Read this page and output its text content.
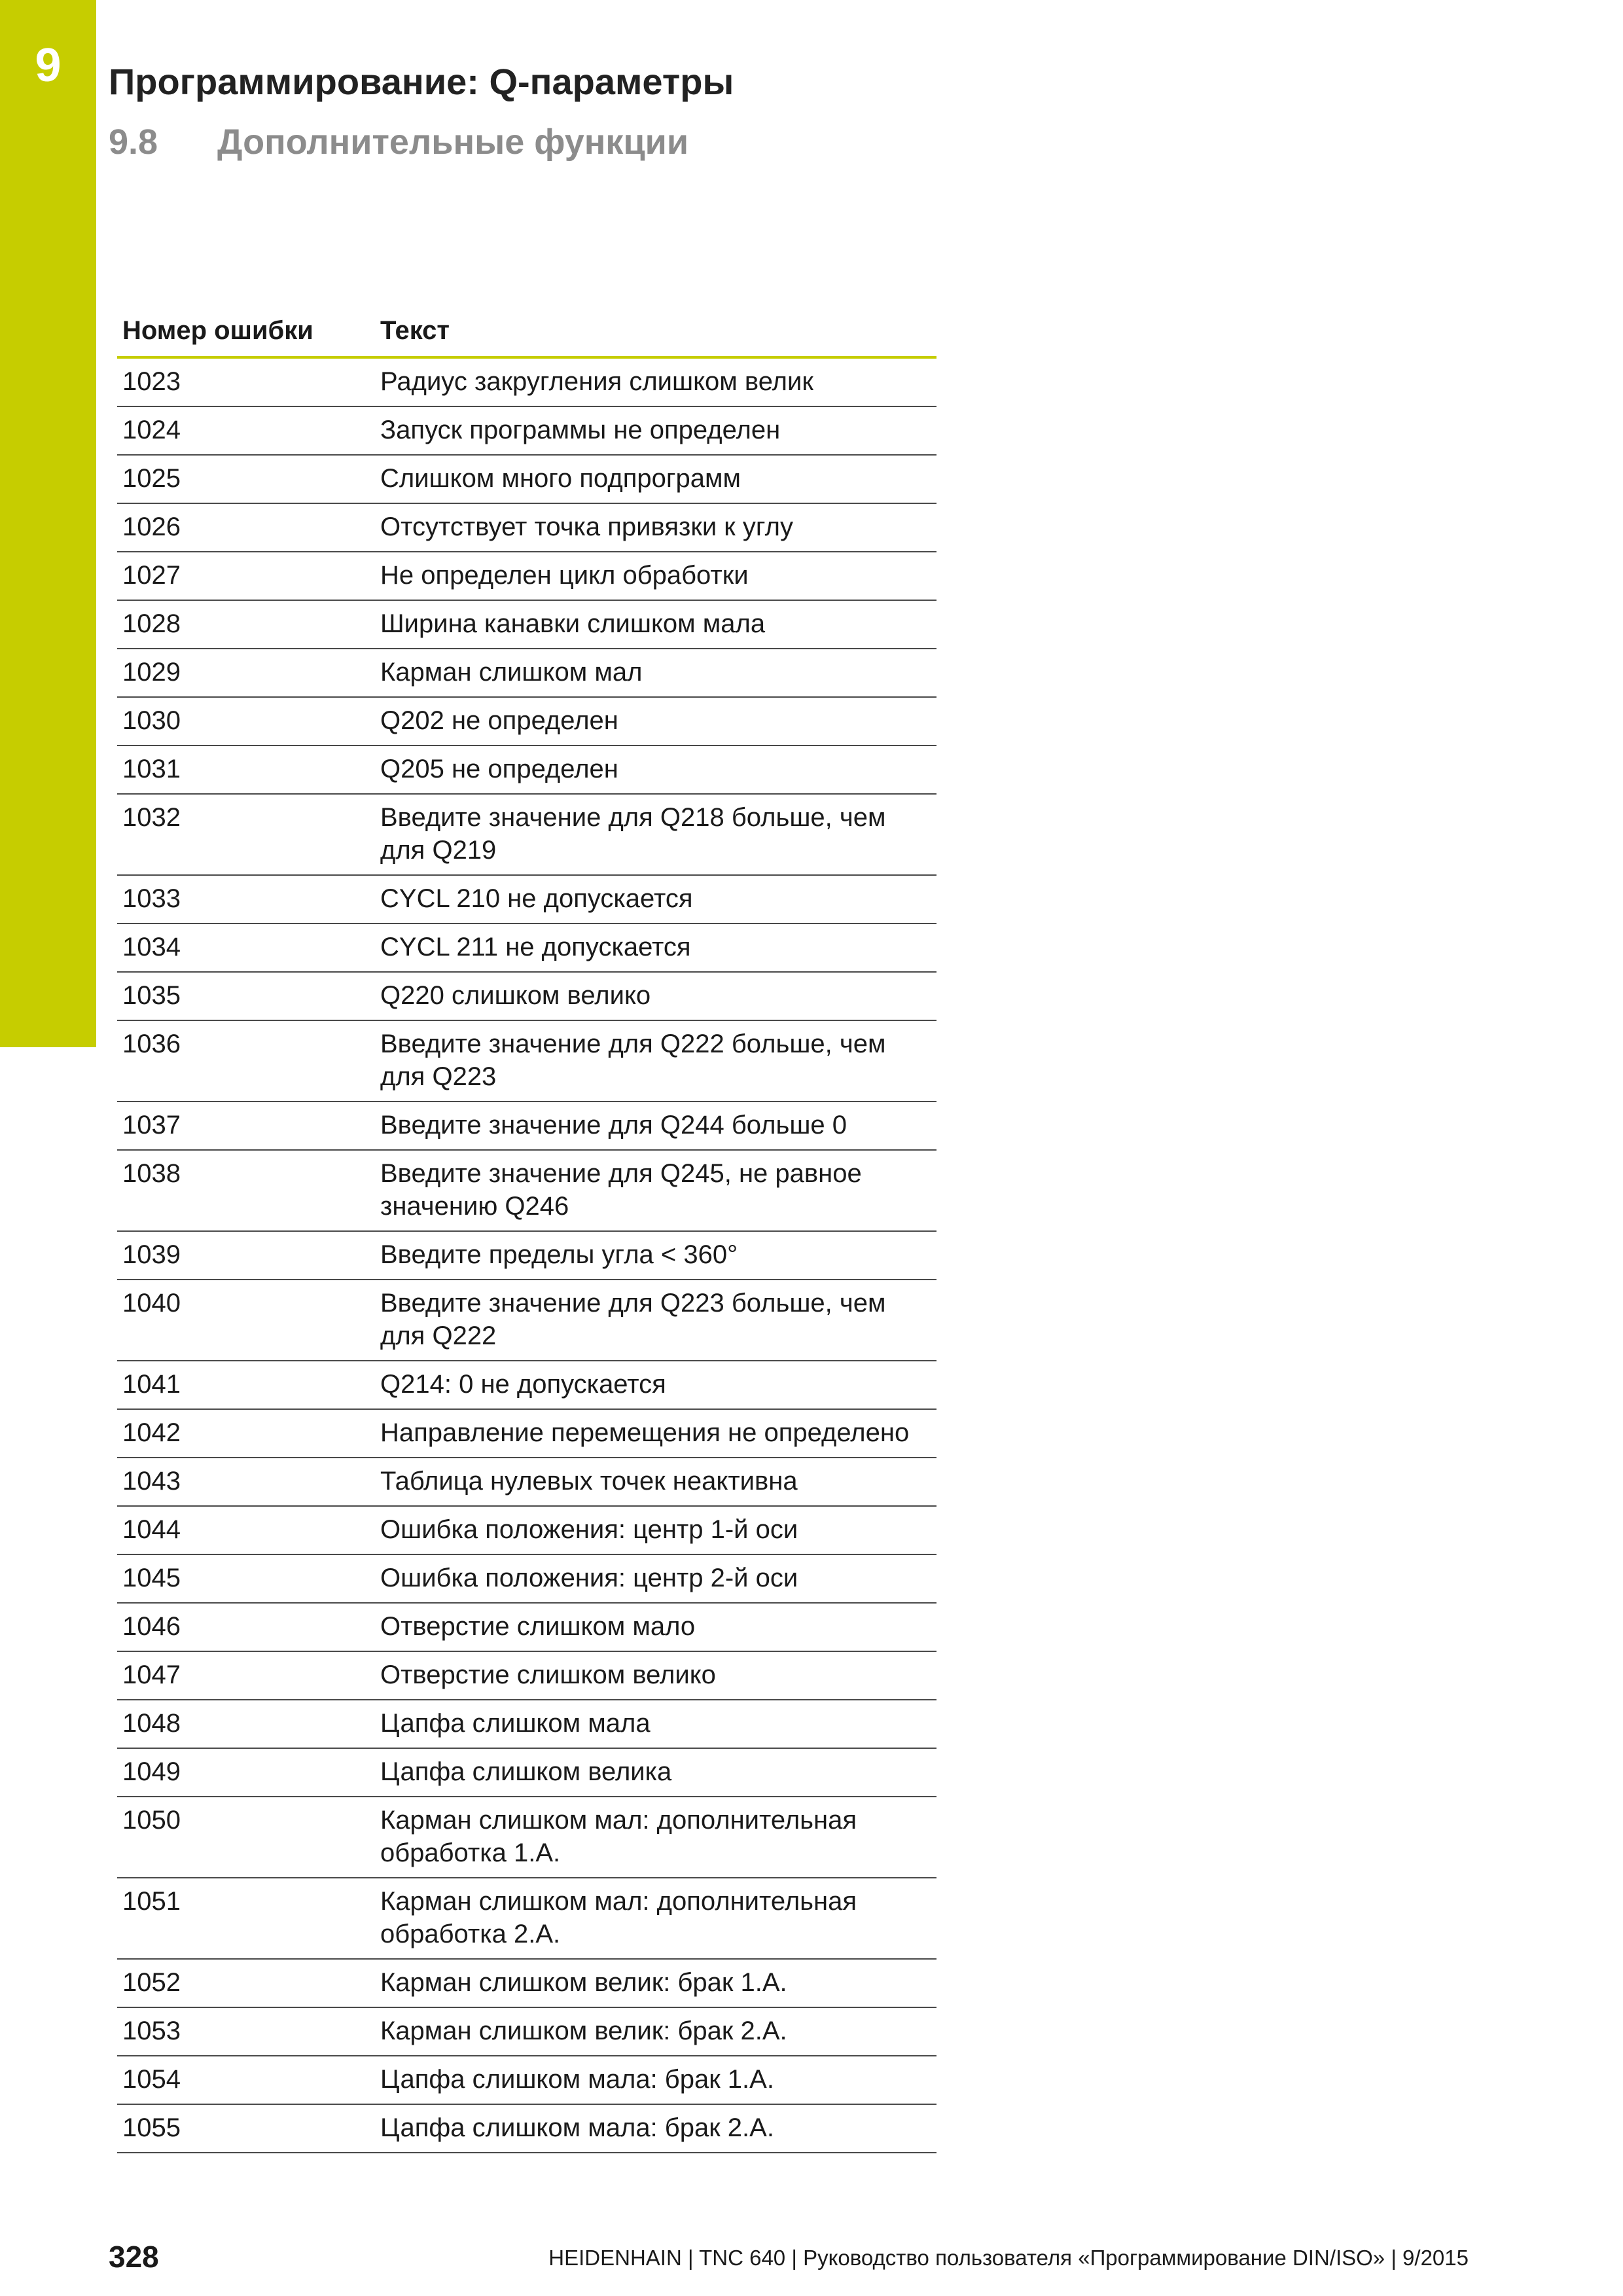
9	Программирование: Q-параметры
9.8 Дополнительные функции
Номер ошибки	Текст
1023	Радиус закругления слишком велик
1024	Запуск программы не определен
1025	Слишком много подпрограмм
1026	Отсутствует точка привязки к углу
1027	Не определен цикл обработки
1028	Ширина канавки слишком мала
1029	Карман слишком мал
1030	Q202 не определен
1031	Q205 не определен
1032	Введите значение для Q218 больше, чем для Q219
1033	CYCL 210 не допускается
1034	CYCL 211 не допускается
1035	Q220 слишком велико
1036	Введите значение для Q222 больше, чем для Q223
1037	Введите значение для Q244 больше 0
1038	Введите значение для Q245, не равное значению Q246
1039	Введите пределы угла < 360°
1040	Введите значение для Q223 больше, чем для Q222
1041	Q214: 0 не допускается
1042	Направление перемещения не определено
1043	Таблица нулевых точек неактивна
1044	Ошибка положения: центр 1-й оси
1045	Ошибка положения: центр 2-й оси
1046	Отверстие слишком мало
1047	Отверстие слишком велико
1048	Цапфа слишком мала
1049	Цапфа слишком велика
1050	Карман слишком мал: дополнительная обработка 1.А.
1051	Карман слишком мал: дополнительная обработка 2.А.
1052	Карман слишком велик: брак 1.А.
1053	Карман слишком велик: брак 2.А.
1054	Цапфа слишком мала: брак 1.А.
1055	Цапфа слишком мала: брак 2.А.
328	HEIDENHAIN | TNC 640 | Руководство пользователя «Программирование DIN/ISO» | 9/2015
